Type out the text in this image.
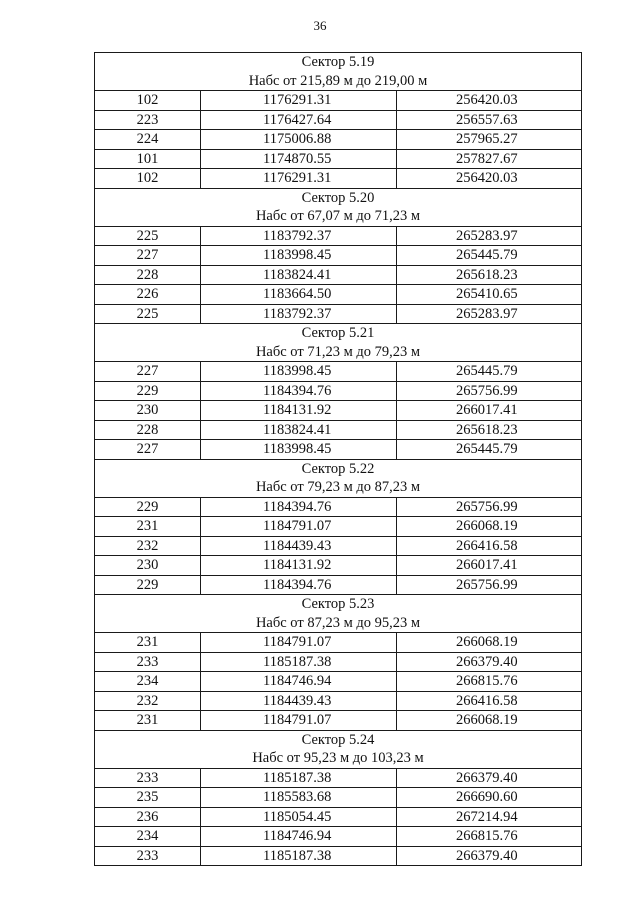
36
Сектор 5.19
Набс от 215,89 м до 219,00 м		

102	1176291.31	256420.03
223	1176427.64	256557.63
224	1175006.88	257965.27
101	1174870.55	257827.67
102	1176291.31	256420.03

Сектор 5.20
Набс от 67,07 м до 71,23 м		

225	1183792.37	265283.97
227	1183998.45	265445.79
228	1183824.41	265618.23
226	1183664.50	265410.65
225	1183792.37	265283.97

Сектор 5.21
Набс от 71,23 м до 79,23 м		

227	1183998.45	265445.79
229	1184394.76	265756.99
230	1184131.92	266017.41
228	1183824.41	265618.23
227	1183998.45	265445.79

Сектор 5.22
Набс от 79,23 м до 87,23 м		

229	1184394.76	265756.99
231	1184791.07	266068.19
232	1184439.43	266416.58
230	1184131.92	266017.41
229	1184394.76	265756.99

Сектор 5.23
Набс от 87,23 м до 95,23 м		

231	1184791.07	266068.19
233	1185187.38	266379.40
234	1184746.94	266815.76
232	1184439.43	266416.58
231	1184791.07	266068.19

Сектор 5.24
Набс от 95,23 м до 103,23 м		

233	1185187.38	266379.40
235	1185583.68	266690.60
236	1185054.45	267214.94
234	1184746.94	266815.76
233	1185187.38	266379.40
